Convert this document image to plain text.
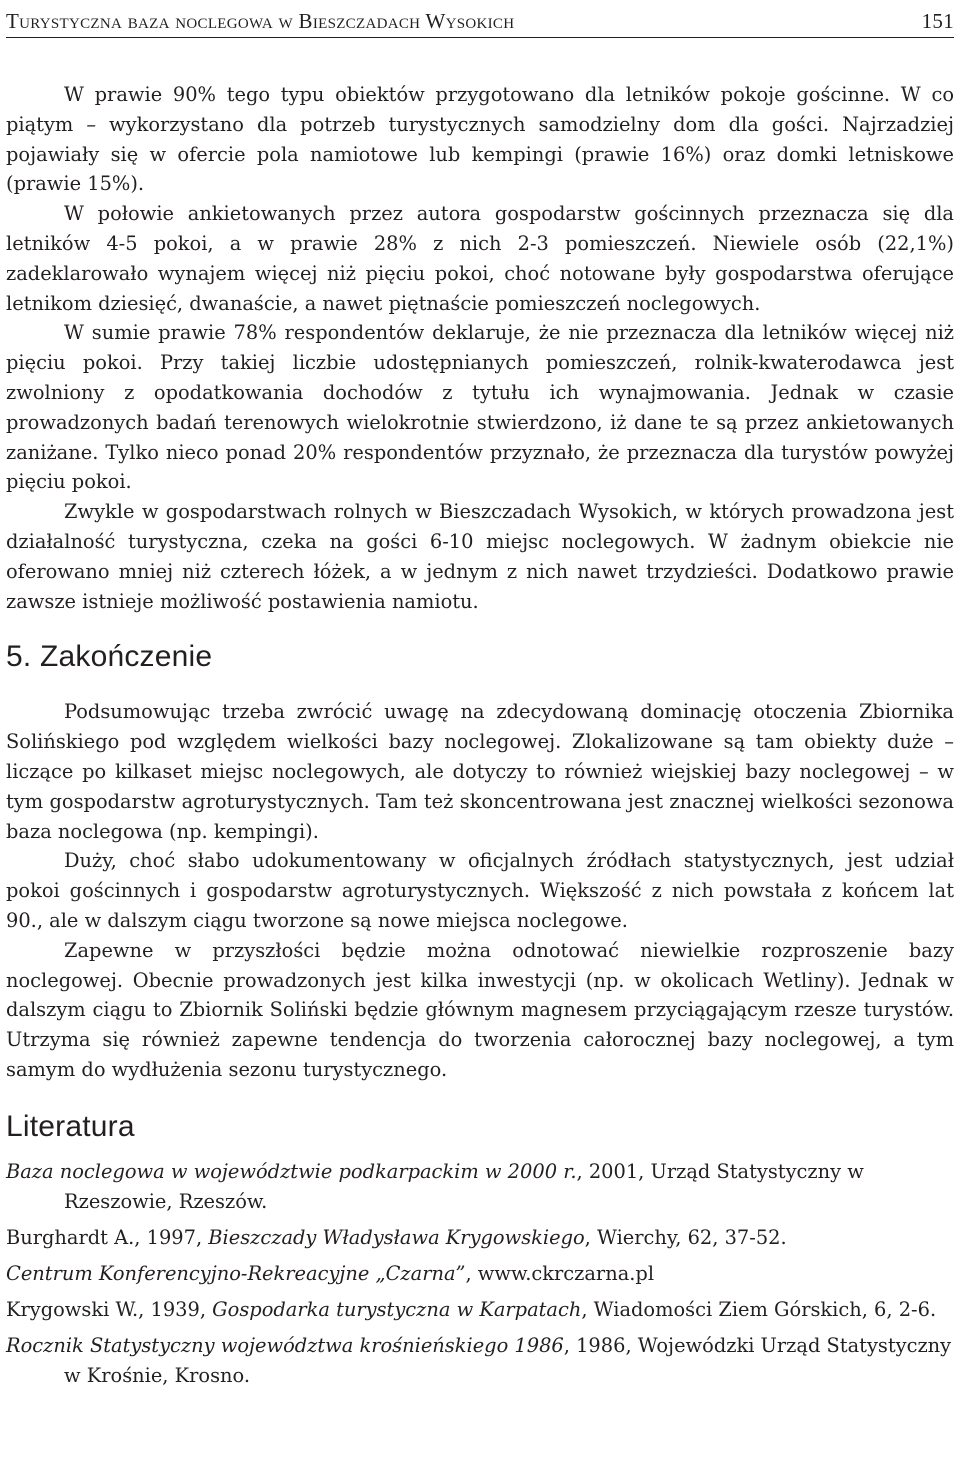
Turystyczna baza noclegowa w Bieszczadach Wysokich	151

W prawie 90% tego typu obiektów przygotowano dla letników pokoje gościnne. W co piątym – wykorzystano dla potrzeb turystycznych samodzielny dom dla gości. Najrzadziej pojawiały się w ofercie pola namiotowe lub kempingi (prawie 16%) oraz domki letniskowe (prawie 15%).

W połowie ankietowanych przez autora gospodarstw gościnnych przeznacza się dla letników 4-5 pokoi, a w prawie 28% z nich 2-3 pomieszczeń. Niewiele osób (22,1%) zadeklarowało wynajem więcej niż pięciu pokoi, choć notowane były gospodarstwa oferujące letnikom dziesięć, dwanaście, a nawet piętnaście pomieszczeń noclegowych.

W sumie prawie 78% respondentów deklaruje, że nie przeznacza dla letników więcej niż pięciu pokoi. Przy takiej liczbie udostępnianych pomieszczeń, rolnik-kwaterodawca jest zwolniony z opodatkowania dochodów z tytułu ich wynajmowania. Jednak w czasie prowadzonych badań terenowych wielokrotnie stwierdzono, iż dane te są przez ankietowanych zaniżane. Tylko nieco ponad 20% respondentów przyznało, że przeznacza dla turystów powyżej pięciu pokoi.

Zwykle w gospodarstwach rolnych w Bieszczadach Wysokich, w których prowadzona jest działalność turystyczna, czeka na gości 6-10 miejsc noclegowych. W żadnym obiekcie nie oferowano mniej niż czterech łóżek, a w jednym z nich nawet trzydzieści. Dodatkowo prawie zawsze istnieje możliwość postawienia namiotu.

5. Zakończenie

Podsumowując trzeba zwrócić uwagę na zdecydowaną dominację otoczenia Zbiornika Solińskiego pod względem wielkości bazy noclegowej. Zlokalizowane są tam obiekty duże – liczące po kilkaset miejsc noclegowych, ale dotyczy to również wiejskiej bazy noclegowej – w tym gospodarstw agroturystycznych. Tam też skoncentrowana jest znacznej wielkości sezonowa baza noclegowa (np. kempingi).

Duży, choć słabo udokumentowany w oficjalnych źródłach statystycznych, jest udział pokoi gościnnych i gospodarstw agroturystycznych. Większość z nich powstała z końcem lat 90., ale w dalszym ciągu tworzone są nowe miejsca noclegowe.

Zapewne w przyszłości będzie można odnotować niewielkie rozproszenie bazy noclegowej. Obecnie prowadzonych jest kilka inwestycji (np. w okolicach Wetliny). Jednak w dalszym ciągu to Zbiornik Soliński będzie głównym magnesem przyciągającym rzesze turystów. Utrzyma się również zapewne tendencja do tworzenia całorocznej bazy noclegowej, a tym samym do wydłużenia sezonu turystycznego.

Literatura
Baza noclegowa w województwie podkarpackim w 2000 r., 2001, Urząd Statystyczny w Rzeszowie, Rzeszów.
Burghardt A., 1997, Bieszczady Władysława Krygowskiego, Wierchy, 62, 37-52.
Centrum Konferencyjno-Rekreacyjne „Czarna”, www.ckrczarna.pl
Krygowski W., 1939, Gospodarka turystyczna w Karpatach, Wiadomości Ziem Górskich, 6, 2-6.
Rocznik Statystyczny województwa krośnieńskiego 1986, 1986, Wojewódzki Urząd Statystyczny w Krośnie, Krosno.
